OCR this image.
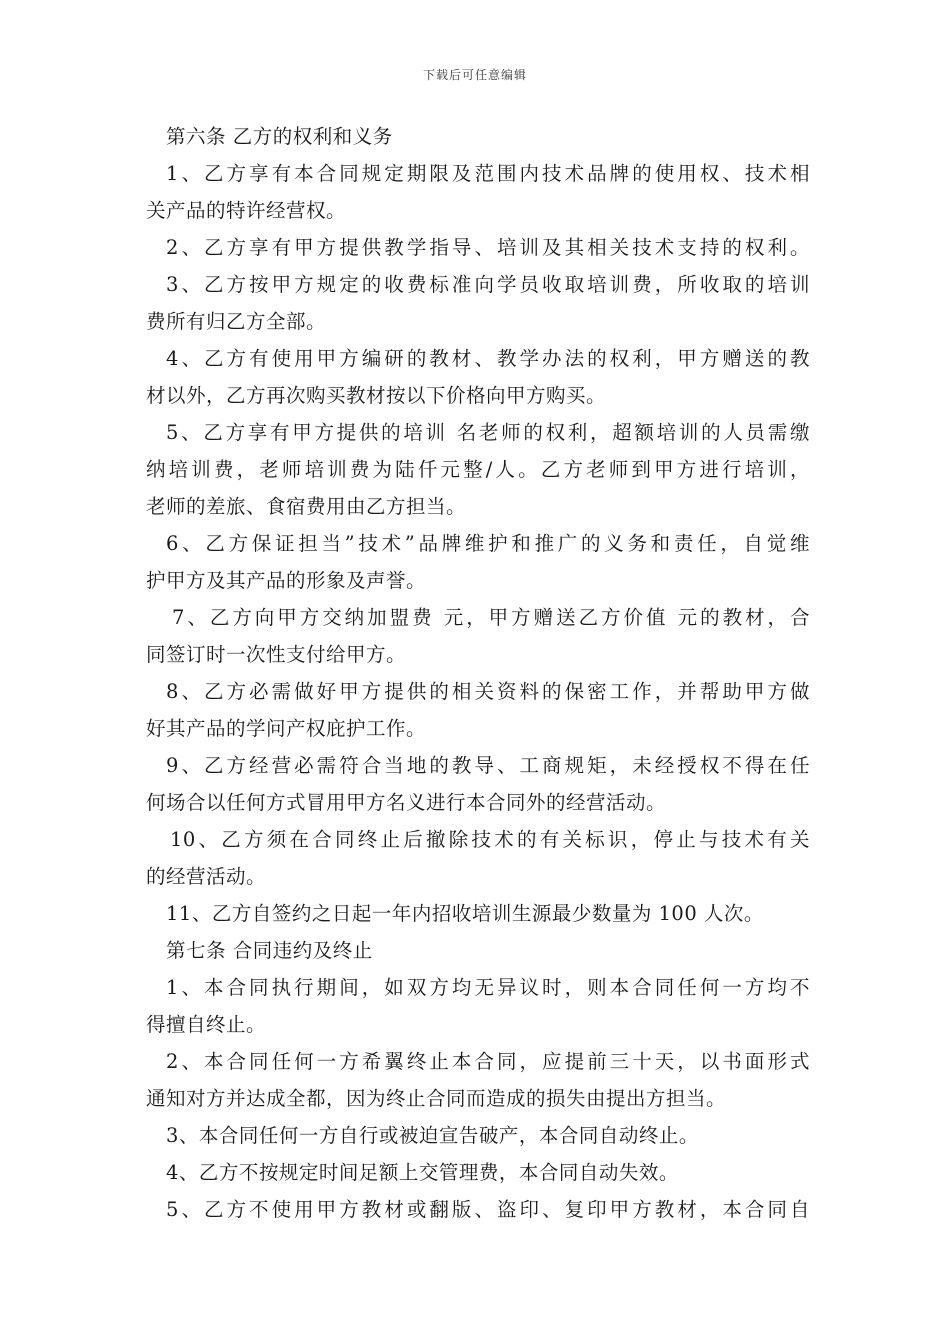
下载后可任意编辑
第六条 乙方的权利和义务
1、乙方享有本合同规定期限及范围内技术品牌的使用权、技术相
关产品的特许经营权。
2、乙方享有甲方提供教学指导、培训及其相关技术支持的权利。
3、乙方按甲方规定的收费标准向学员收取培训费，所收取的培训
费所有归乙方全部。
4、乙方有使用甲方编研的教材、教学办法的权利，甲方赠送的教
材以外，乙方再次购买教材按以下价格向甲方购买。
5、乙方享有甲方提供的培训 名老师的权利，超额培训的人员需缴
纳培训费，老师培训费为陆仟元整/人。乙方老师到甲方进行培训，
老师的差旅、食宿费用由乙方担当。
6、乙方保证担当”技术”品牌维护和推广的义务和责任，自觉维
护甲方及其产品的形象及声誉。
7、乙方向甲方交纳加盟费 元，甲方赠送乙方价值 元的教材，合
同签订时一次性支付给甲方。
8、乙方必需做好甲方提供的相关资料的保密工作，并帮助甲方做
好其产品的学问产权庇护工作。
9、乙方经营必需符合当地的教导、工商规矩，未经授权不得在任
何场合以任何方式冒用甲方名义进行本合同外的经营活动。
10、乙方须在合同终止后撤除技术的有关标识，停止与技术有关
的经营活动。
11、乙方自签约之日起一年内招收培训生源最少数量为 100 人次。
第七条 合同违约及终止
1、本合同执行期间，如双方均无异议时，则本合同任何一方均不
得擅自终止。
2、本合同任何一方希翼终止本合同，应提前三十天，以书面形式
通知对方并达成全都，因为终止合同而造成的损失由提出方担当。
3、本合同任何一方自行或被迫宣告破产，本合同自动终止。
4、乙方不按规定时间足额上交管理费，本合同自动失效。
5、乙方不使用甲方教材或翻版、盗印、复印甲方教材，本合同自
